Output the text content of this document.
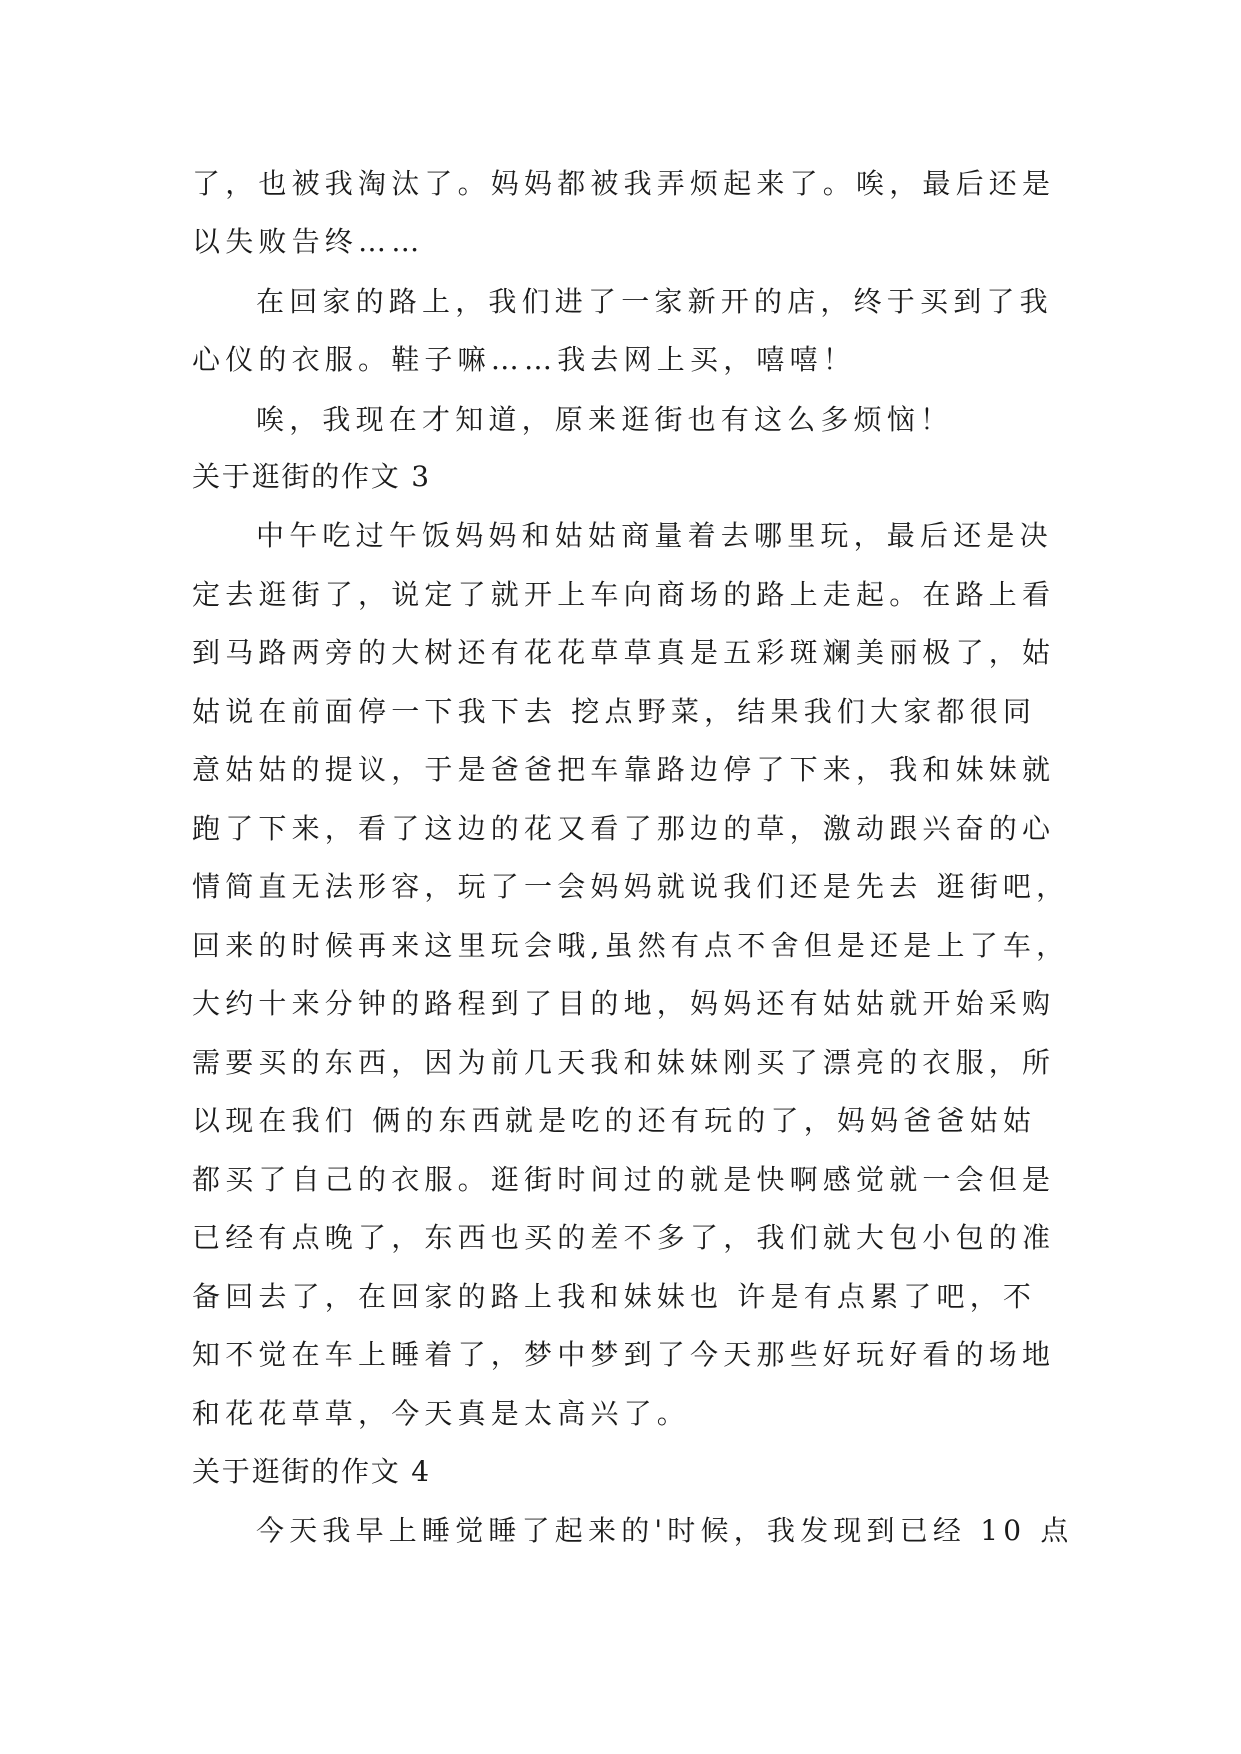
了，也被我淘汰了。妈妈都被我弄烦起来了。唉，最后还是
以失败告终……
在回家的路上，我们进了一家新开的店，终于买到了我
心仪的衣服。鞋子嘛……我去网上买，嘻嘻！
唉，我现在才知道，原来逛街也有这么多烦恼！
关于逛街的作文 3
中午吃过午饭妈妈和姑姑商量着去哪里玩，最后还是决
定去逛街了，说定了就开上车向商场的路上走起。在路上看
到马路两旁的大树还有花花草草真是五彩斑斓美丽极了，姑
姑说在前面停一下我下去 挖点野菜，结果我们大家都很同
意姑姑的提议，于是爸爸把车靠路边停了下来，我和妹妹就
跑了下来，看了这边的花又看了那边的草，激动跟兴奋的心
情简直无法形容，玩了一会妈妈就说我们还是先去 逛街吧，
回来的时候再来这里玩会哦,虽然有点不舍但是还是上了车，
大约十来分钟的路程到了目的地，妈妈还有姑姑就开始采购
需要买的东西，因为前几天我和妹妹刚买了漂亮的衣服，所
以现在我们 俩的东西就是吃的还有玩的了，妈妈爸爸姑姑
都买了自己的衣服。逛街时间过的就是快啊感觉就一会但是
已经有点晚了，东西也买的差不多了，我们就大包小包的准
备回去了，在回家的路上我和妹妹也 许是有点累了吧，不
知不觉在车上睡着了，梦中梦到了今天那些好玩好看的场地
和花花草草，今天真是太高兴了。
关于逛街的作文 4
今天我早上睡觉睡了起来的'时候，我发现到已经 10 点
